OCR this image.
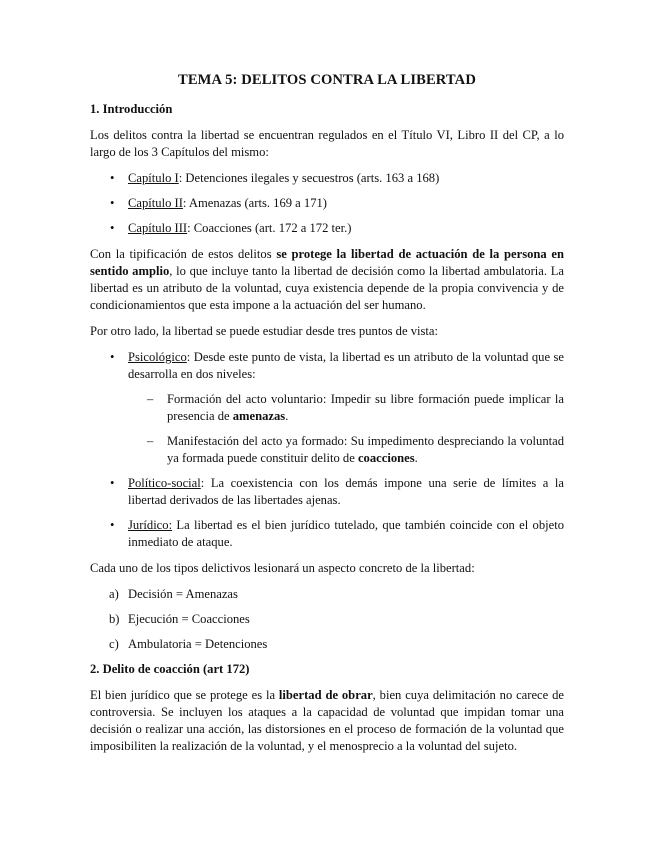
TEMA 5: DELITOS CONTRA LA LIBERTAD
1. Introducción

Los delitos contra la libertad se encuentran regulados en el Título VI, Libro II del CP, a lo largo de los 3 Capítulos del mismo:

• Capítulo I: Detenciones ilegales y secuestros (arts. 163 a 168)
• Capítulo II: Amenazas (arts. 169 a 171)
• Capítulo III: Coacciones (art. 172 a 172 ter.)

Con la tipificación de estos delitos se protege la libertad de actuación de la persona en sentido amplio, lo que incluye tanto la libertad de decisión como la libertad ambulatoria. La libertad es un atributo de la voluntad, cuya existencia depende de la propia convivencia y de condicionamientos que esta impone a la actuación del ser humano.

Por otro lado, la libertad se puede estudiar desde tres puntos de vista:

• Psicológico: Desde este punto de vista, la libertad es un atributo de la voluntad que se desarrolla en dos niveles:
– Formación del acto voluntario: Impedir su libre formación puede implicar la presencia de amenazas.
– Manifestación del acto ya formado: Su impedimento despreciando la voluntad ya formada puede constituir delito de coacciones.
• Político-social: La coexistencia con los demás impone una serie de límites a la libertad derivados de las libertades ajenas.
• Jurídico: La libertad es el bien jurídico tutelado, que también coincide con el objeto inmediato de ataque.

Cada uno de los tipos delictivos lesionará un aspecto concreto de la libertad:

a) Decisión = Amenazas
b) Ejecución = Coacciones
c) Ambulatoria = Detenciones
2. Delito de coacción (art 172)

El bien jurídico que se protege es la libertad de obrar, bien cuya delimitación no carece de controversia. Se incluyen los ataques a la capacidad de voluntad que impidan tomar una decisión o realizar una acción, las distorsiones en el proceso de formación de la voluntad que imposibiliten la realización de la voluntad, y el menosprecio a la voluntad del sujeto.
